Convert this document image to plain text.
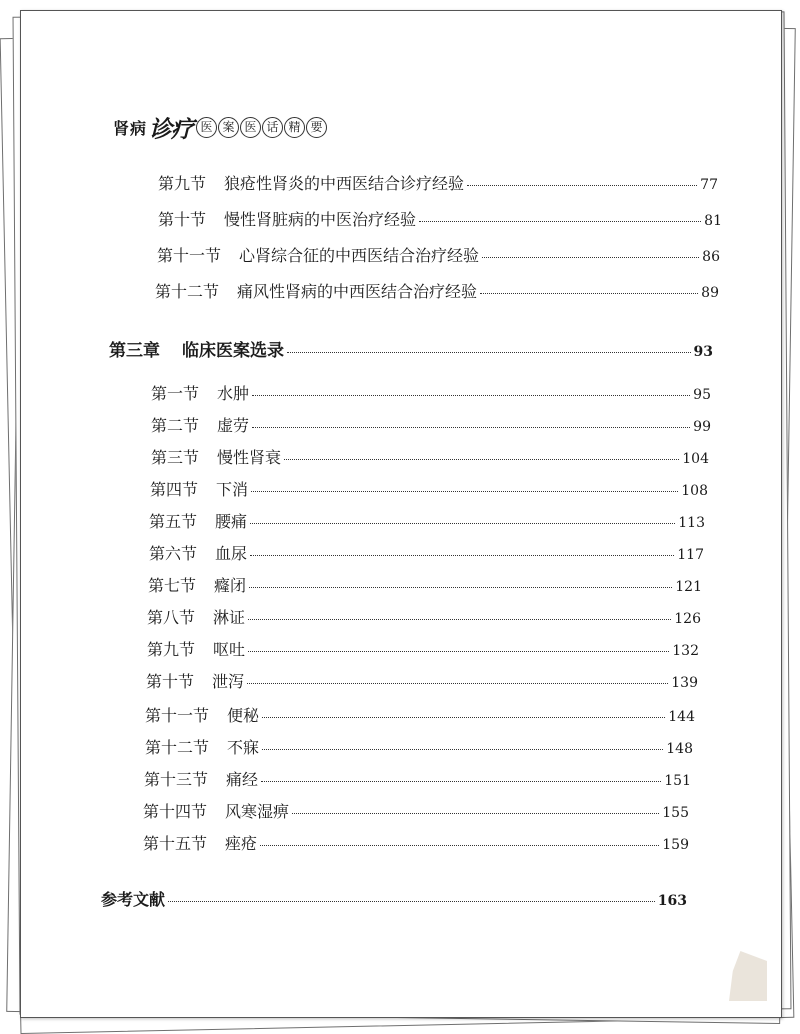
肾病 诊疗 医 案 医 话 精 要
第九节 狼疮性肾炎的中西医结合诊疗经验	77
第十节 慢性肾脏病的中医治疗经验	81
第十一节 心肾综合征的中西医结合治疗经验	86
第十二节 痛风性肾病的中西医结合治疗经验	89
第三章 临床医案选录	93
第一节 水肿	95
第二节 虚劳	99
第三节 慢性肾衰	104
第四节 下消	108
第五节 腰痛	113
第六节 血尿	117
第七节 癃闭	121
第八节 淋证	126
第九节 呕吐	132
第十节 泄泻	139
第十一节 便秘	144
第十二节 不寐	148
第十三节 痛经	151
第十四节 风寒湿痹	155
第十五节 痤疮	159
参考文献	163
